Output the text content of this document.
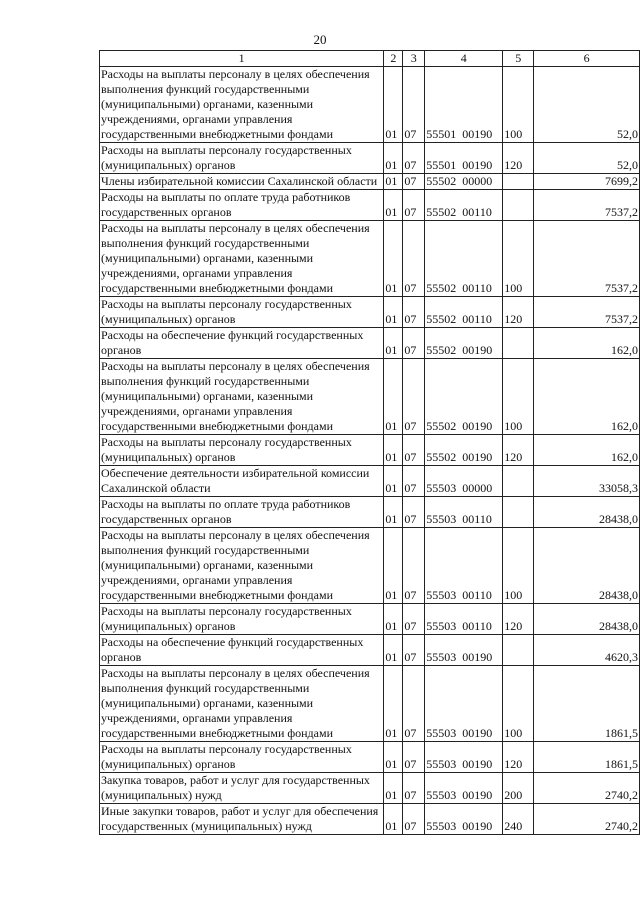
20
1	2	3	4	5	6
Расходы на выплаты персоналу в целях обеспечения выполнения функций государственными (муниципальными) органами, казенными учреждениями, органами управления государственными внебюджетными фондами	01	07	55501  00190	100	52,0
Расходы на выплаты персоналу государственных (муниципальных) органов	01	07	55501  00190	120	52,0
Члены избирательной комиссии Сахалинской области	01	07	55502  00000		7699,2
Расходы на выплаты по оплате труда работников государственных органов	01	07	55502  00110		7537,2
Расходы на выплаты персоналу в целях обеспечения выполнения функций государственными (муниципальными) органами, казенными учреждениями, органами управления государственными внебюджетными фондами	01	07	55502  00110	100	7537,2
Расходы на выплаты персоналу государственных (муниципальных) органов	01	07	55502  00110	120	7537,2
Расходы на обеспечение функций государственных органов	01	07	55502  00190		162,0
Расходы на выплаты персоналу в целях обеспечения выполнения функций государственными (муниципальными) органами, казенными учреждениями, органами управления государственными внебюджетными фондами	01	07	55502  00190	100	162,0
Расходы на выплаты персоналу государственных (муниципальных) органов	01	07	55502  00190	120	162,0
Обеспечение деятельности избирательной комиссии Сахалинской области	01	07	55503  00000		33058,3
Расходы на выплаты по оплате труда работников государственных органов	01	07	55503  00110		28438,0
Расходы на выплаты персоналу в целях обеспечения выполнения функций государственными (муниципальными) органами, казенными учреждениями, органами управления государственными внебюджетными фондами	01	07	55503  00110	100	28438,0
Расходы на выплаты персоналу государственных (муниципальных) органов	01	07	55503  00110	120	28438,0
Расходы на обеспечение функций государственных органов	01	07	55503  00190		4620,3
Расходы на выплаты персоналу в целях обеспечения выполнения функций государственными (муниципальными) органами, казенными учреждениями, органами управления государственными внебюджетными фондами	01	07	55503  00190	100	1861,5
Расходы на выплаты персоналу государственных (муниципальных) органов	01	07	55503  00190	120	1861,5
Закупка товаров, работ и услуг для государственных (муниципальных) нужд	01	07	55503  00190	200	2740,2
Иные закупки товаров, работ и услуг для обеспечения государственных (муниципальных) нужд	01	07	55503  00190	240	2740,2
